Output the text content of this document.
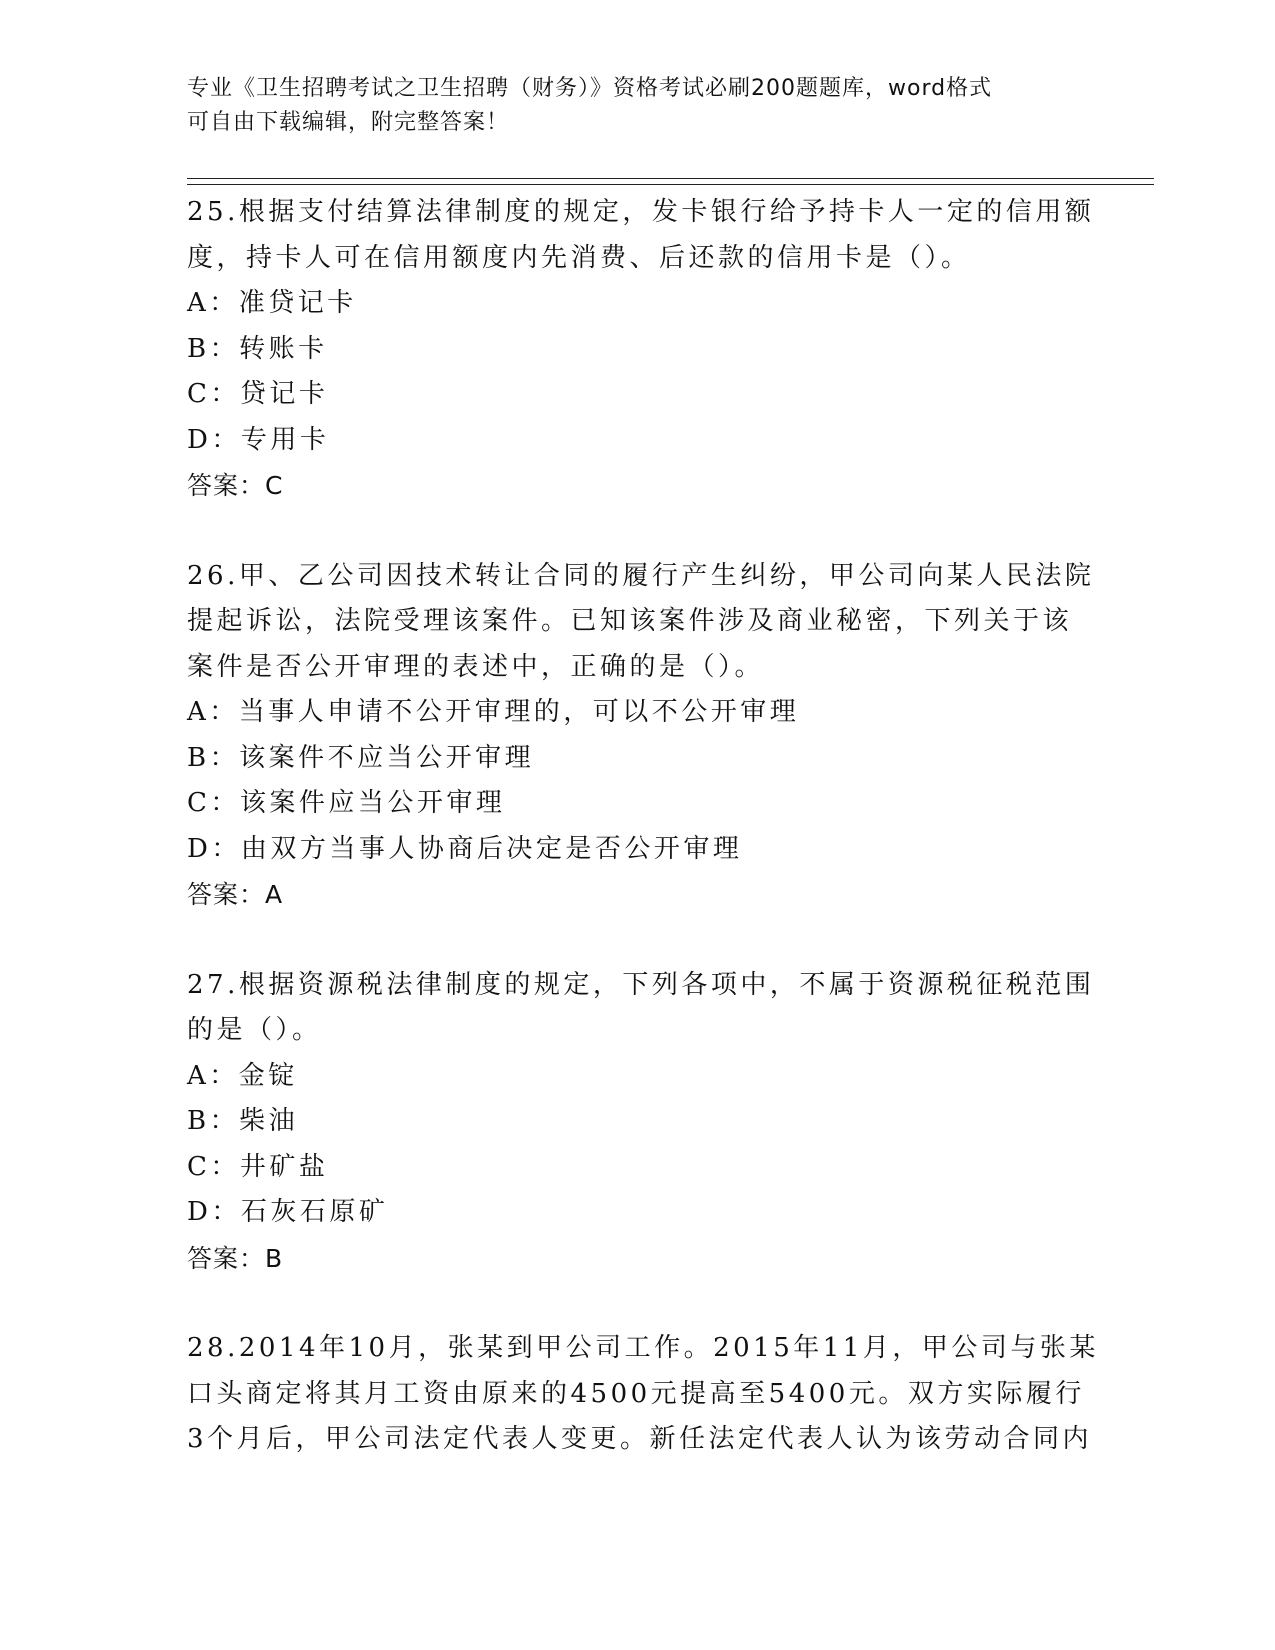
专业《卫生招聘考试之卫生招聘（财务）》资格考试必刷200题题库，word格式
可自由下载编辑，附完整答案！
25.根据支付结算法律制度的规定，发卡银行给予持卡人一定的信用额
度，持卡人可在信用额度内先消费、后还款的信用卡是（）。
A：准贷记卡
B：转账卡
C：贷记卡
D：专用卡
答案：C
26.甲、乙公司因技术转让合同的履行产生纠纷，甲公司向某人民法院
提起诉讼，法院受理该案件。已知该案件涉及商业秘密，下列关于该
案件是否公开审理的表述中，正确的是（）。
A：当事人申请不公开审理的，可以不公开审理
B：该案件不应当公开审理
C：该案件应当公开审理
D：由双方当事人协商后决定是否公开审理
答案：A
27.根据资源税法律制度的规定，下列各项中，不属于资源税征税范围
的是（）。
A：金锭
B：柴油
C：井矿盐
D：石灰石原矿
答案：B
28.2014年10月，张某到甲公司工作。2015年11月，甲公司与张某
口头商定将其月工资由原来的4500元提高至5400元。双方实际履行
3个月后，甲公司法定代表人变更。新任法定代表人认为该劳动合同内
